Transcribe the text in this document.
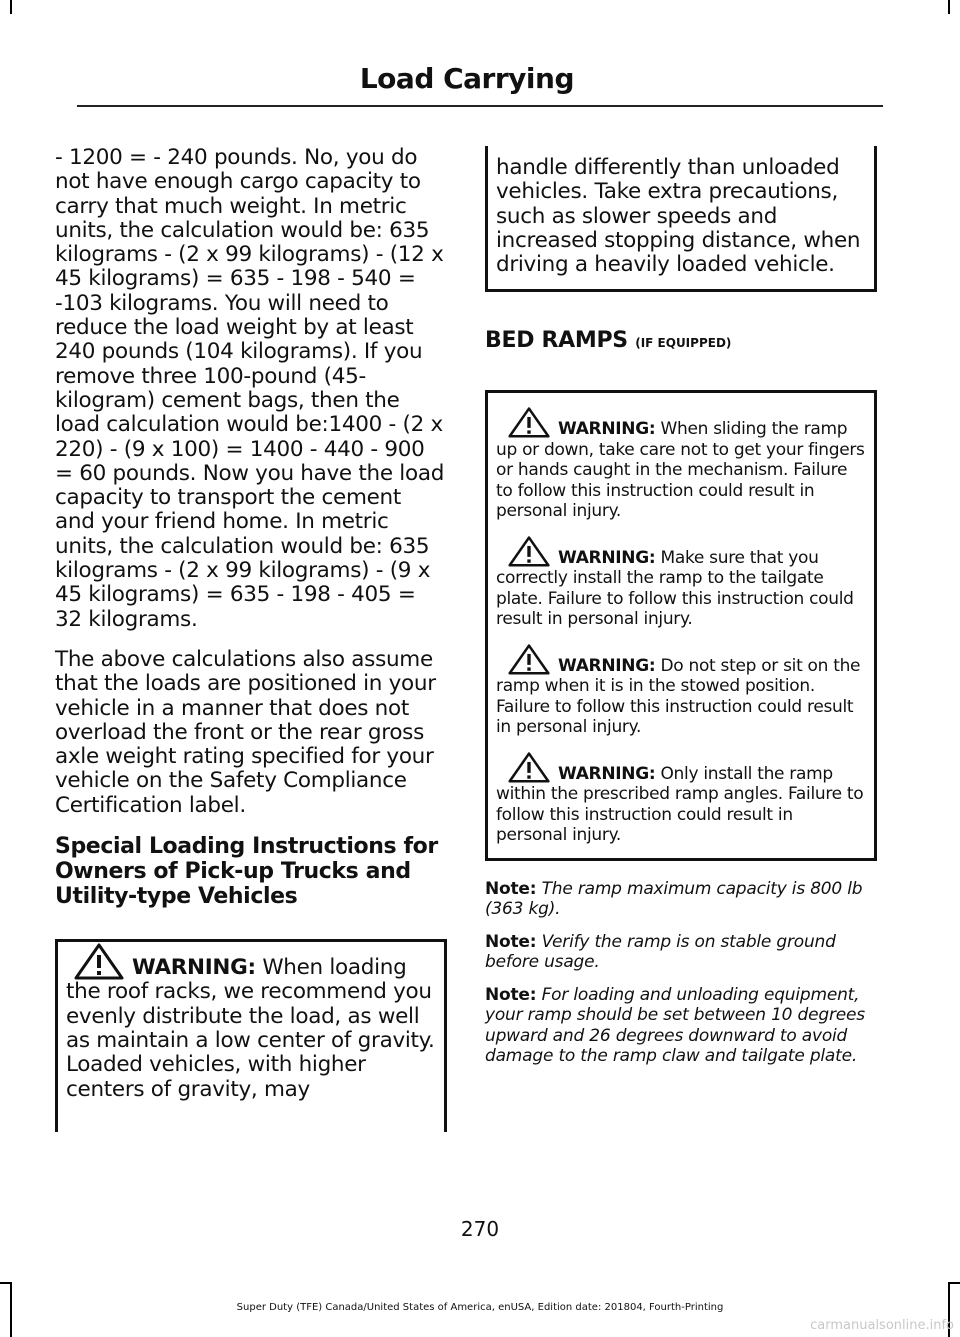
Load Carrying

- 1200 = - 240 pounds. No, you do not have enough cargo capacity to carry that much weight. In metric units, the calculation would be: 635 kilograms - (2 x 99 kilograms) - (12 x 45 kilograms) = 635 - 198 - 540 = -103 kilograms. You will need to reduce the load weight by at least 240 pounds (104 kilograms). If you remove three 100-pound (45-kilogram) cement bags, then the load calculation would be:1400 - (2 x 220) - (9 x 100) = 1400 - 440 - 900 = 60 pounds. Now you have the load capacity to transport the cement and your friend home. In metric units, the calculation would be: 635 kilograms - (2 x 99 kilograms) - (9 x 45 kilograms) = 635 - 198 - 405 = 32 kilograms.

The above calculations also assume that the loads are positioned in your vehicle in a manner that does not overload the front or the rear gross axle weight rating specified for your vehicle on the Safety Compliance Certification label.

Special Loading Instructions for Owners of Pick-up Trucks and Utility-type Vehicles

WARNING: When loading the roof racks, we recommend you evenly distribute the load, as well as maintain a low center of gravity. Loaded vehicles, with higher centers of gravity, may

handle differently than unloaded vehicles. Take extra precautions, such as slower speeds and increased stopping distance, when driving a heavily loaded vehicle.

BED RAMPS (IF EQUIPPED)

WARNING: When sliding the ramp up or down, take care not to get your fingers or hands caught in the mechanism. Failure to follow this instruction could result in personal injury.

WARNING: Make sure that you correctly install the ramp to the tailgate plate. Failure to follow this instruction could result in personal injury.

WARNING: Do not step or sit on the ramp when it is in the stowed position. Failure to follow this instruction could result in personal injury.

WARNING: Only install the ramp within the prescribed ramp angles. Failure to follow this instruction could result in personal injury.

Note: The ramp maximum capacity is 800 lb (363 kg).

Note: Verify the ramp is on stable ground before usage.

Note: For loading and unloading equipment, your ramp should be set between 10 degrees upward and 26 degrees downward to avoid damage to the ramp claw and tailgate plate.

270

Super Duty (TFE) Canada/United States of America, enUSA, Edition date: 201804, Fourth-Printing

carmanualsonline.info
